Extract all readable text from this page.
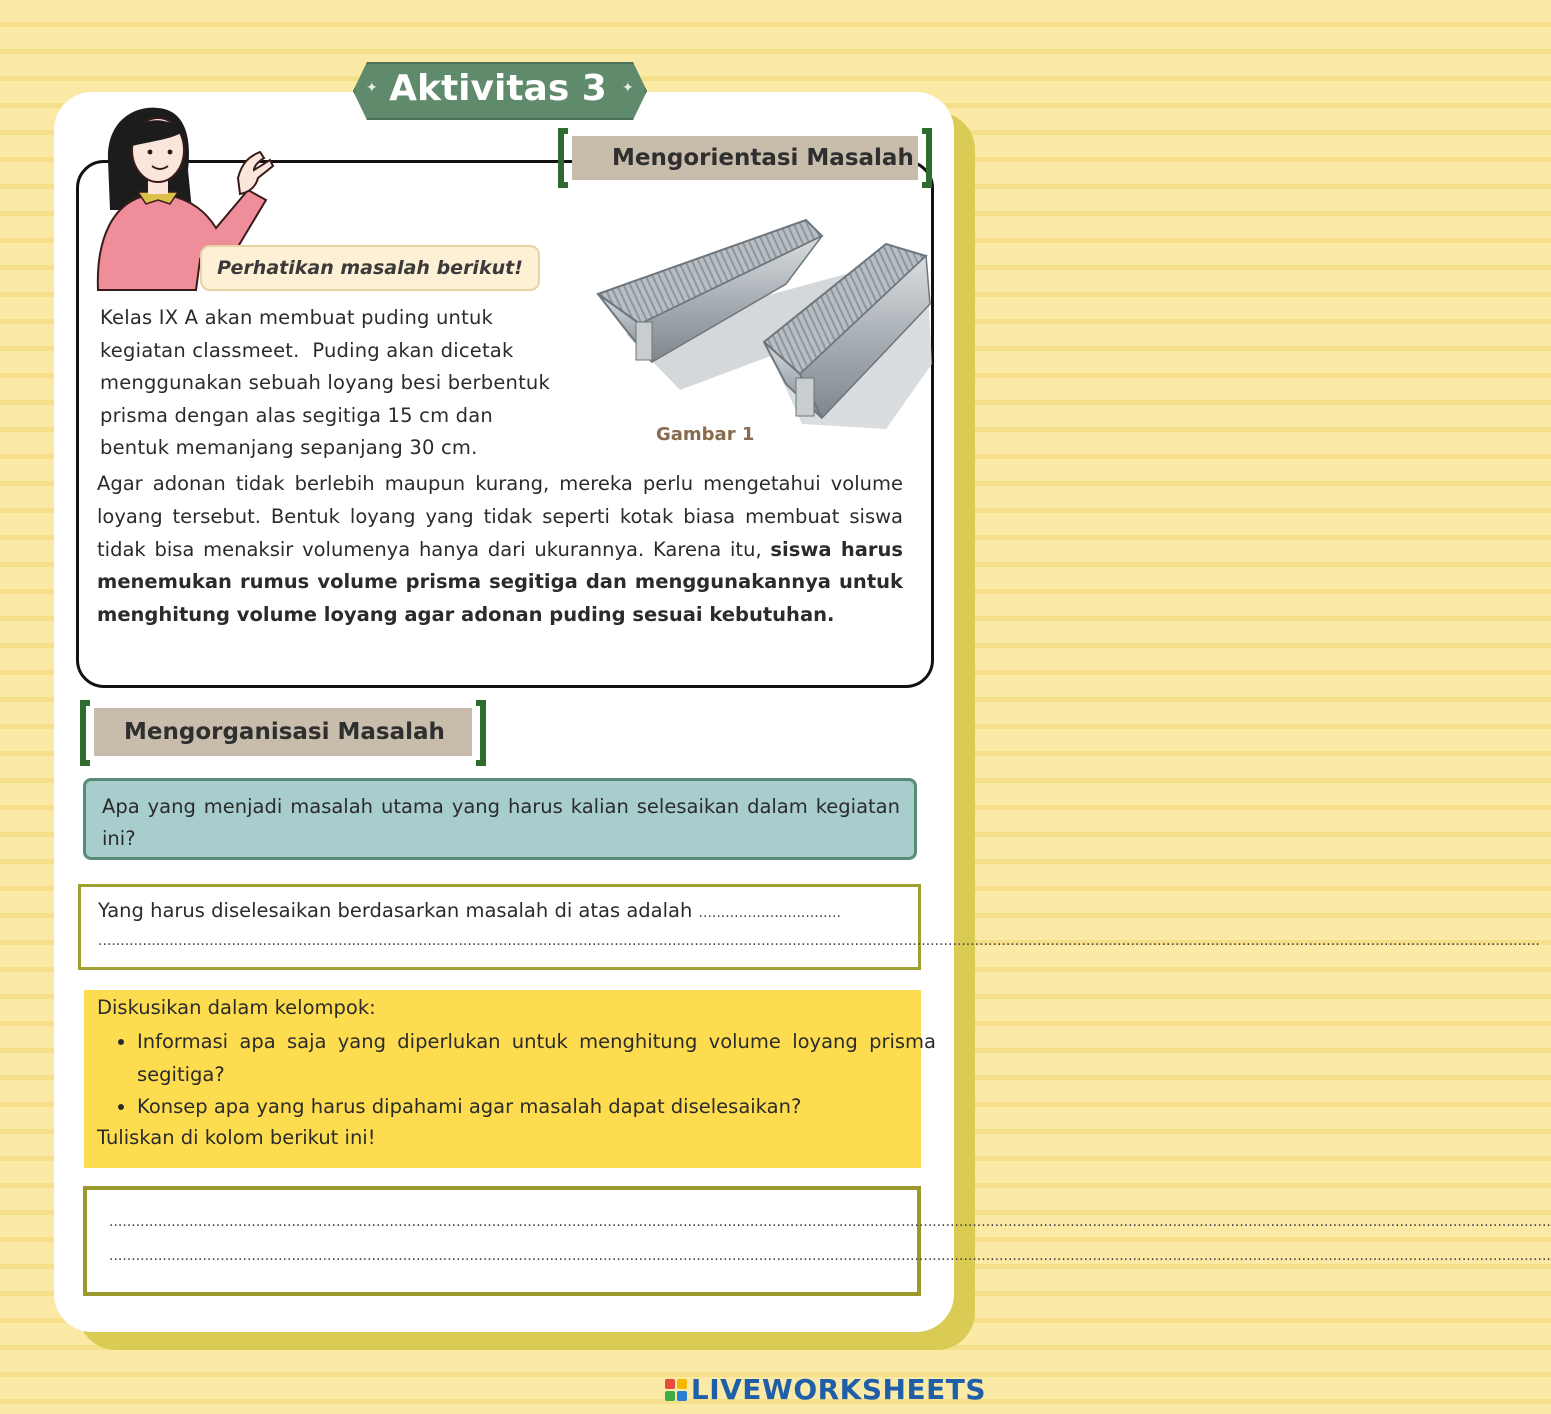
✦	✦
Aktivitas 3
Mengorientasi Masalah
Perhatikan masalah berikut!

Kelas IX A akan membuat puding untuk
kegiatan classmeet.  Puding akan dicetak
menggunakan sebuah loyang besi berbentuk
prisma dengan alas segitiga 15 cm dan
bentuk memanjang sepanjang 30 cm.

Gambar 1

Agar adonan tidak berlebih maupun kurang, mereka perlu mengetahui volume loyang tersebut. Bentuk loyang yang tidak seperti kotak biasa membuat siswa tidak bisa menaksir volumenya hanya dari ukurannya. Karena itu, siswa harus menemukan rumus volume prisma segitiga dan menggunakannya untuk menghitung volume loyang agar adonan puding sesuai kebutuhan.

Mengorganisasi Masalah

Apa yang menjadi masalah utama yang harus kalian selesaikan dalam kegiatan ini?

Yang harus diselesaikan berdasarkan masalah di atas adalah ................................
....................................................................................................................................................................................................................................................................................................................................
Diskusikan dalam kelompok:
• Informasi apa saja yang diperlukan untuk menghitung volume loyang prisma segitiga?
• Konsep apa yang harus dipahami agar masalah dapat diselesaikan?
Tuliskan di kolom berikut ini!
....................................................................................................................................................................................................................................................................................................................................
....................................................................................................................................................................................................................................................................................................................................
LIVEWORKSHEETS
